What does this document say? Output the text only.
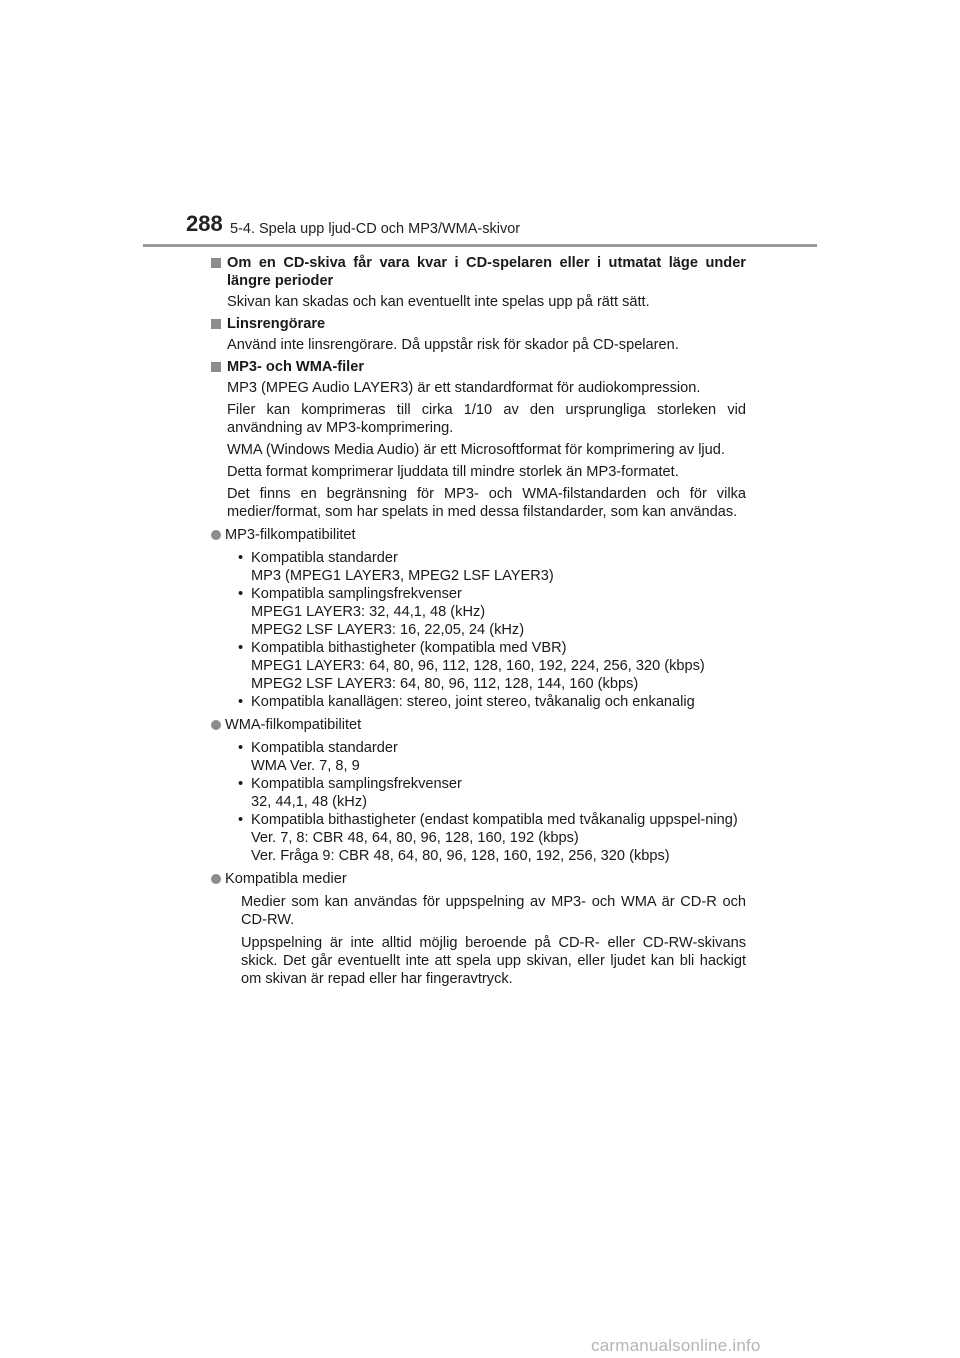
288 5-4. Spela upp ljud-CD och MP3/WMA-skivor
Om en CD-skiva får vara kvar i CD-spelaren eller i utmatat läge under längre perioder
Skivan kan skadas och kan eventuellt inte spelas upp på rätt sätt.
Linsrengörare
Använd inte linsrengörare. Då uppstår risk för skador på CD-spelaren.
MP3- och WMA-filer
MP3 (MPEG Audio LAYER3) är ett standardformat för audiokompression.
Filer kan komprimeras till cirka 1/10 av den ursprungliga storleken vid användning av MP3-komprimering.
WMA (Windows Media Audio) är ett Microsoftformat för komprimering av ljud.
Detta format komprimerar ljuddata till mindre storlek än MP3-formatet.
Det finns en begränsning för MP3- och WMA-filstandarden och för vilka medier/format, som har spelats in med dessa filstandarder, som kan användas.
MP3-filkompatibilitet
• Kompatibla standarder
MP3 (MPEG1 LAYER3, MPEG2 LSF LAYER3)
• Kompatibla samplingsfrekvenser
MPEG1 LAYER3: 32, 44,1, 48 (kHz)
MPEG2 LSF LAYER3: 16, 22,05, 24 (kHz)
• Kompatibla bithastigheter (kompatibla med VBR)
MPEG1 LAYER3: 64, 80, 96, 112, 128, 160, 192, 224, 256, 320 (kbps)
MPEG2 LSF LAYER3: 64, 80, 96, 112, 128, 144, 160 (kbps)
• Kompatibla kanallägen: stereo, joint stereo, tvåkanalig och enkanalig
WMA-filkompatibilitet
• Kompatibla standarder
WMA Ver. 7, 8, 9
• Kompatibla samplingsfrekvenser
32, 44,1, 48 (kHz)
• Kompatibla bithastigheter (endast kompatibla med tvåkanalig uppspel-ning)
Ver. 7, 8: CBR 48, 64, 80, 96, 128, 160, 192 (kbps)
Ver. Fråga 9: CBR 48, 64, 80, 96, 128, 160, 192, 256, 320 (kbps)
Kompatibla medier
Medier som kan användas för uppspelning av MP3- och WMA är CD-R och CD-RW.
Uppspelning är inte alltid möjlig beroende på CD-R- eller CD-RW-skivans skick. Det går eventuellt inte att spela upp skivan, eller ljudet kan bli hackigt om skivan är repad eller har fingeravtryck.
carmanualsonline.info
